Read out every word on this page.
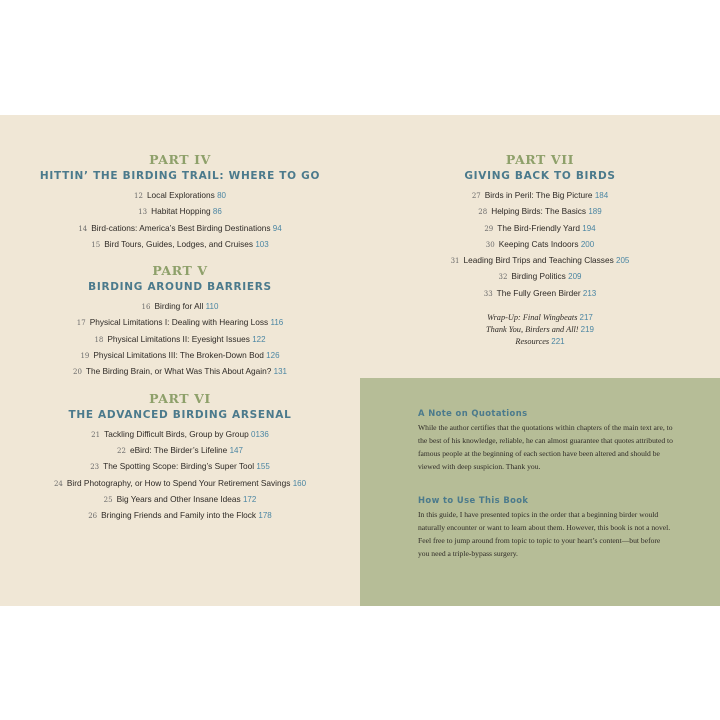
PART IV
HITTIN’ THE BIRDING TRAIL: WHERE TO GO
12 Local Explorations 80
13 Habitat Hopping 86
14 Bird-cations: America’s Best Birding Destinations 94
15 Bird Tours, Guides, Lodges, and Cruises 103
PART V
BIRDING AROUND BARRIERS
16 Birding for All 110
17 Physical Limitations I: Dealing with Hearing Loss 116
18 Physical Limitations II: Eyesight Issues 122
19 Physical Limitations III: The Broken-Down Bod 126
20 The Birding Brain, or What Was This About Again? 131
PART VI
THE ADVANCED BIRDING ARSENAL
21 Tackling Difficult Birds, Group by Group 0136
22 eBird: The Birder’s Lifeline 147
23 The Spotting Scope: Birding’s Super Tool 155
24 Bird Photography, or How to Spend Your Retirement Savings 160
25 Big Years and Other Insane Ideas 172
26 Bringing Friends and Family into the Flock 178
PART VII
GIVING BACK TO BIRDS
27 Birds in Peril: The Big Picture 184
28 Helping Birds: The Basics 189
29 The Bird-Friendly Yard 194
30 Keeping Cats Indoors 200
31 Leading Bird Trips and Teaching Classes 205
32 Birding Politics 209
33 The Fully Green Birder 213
Wrap-Up: Final Wingbeats 217
Thank You, Birders and All! 219
Resources 221
A Note on Quotations
While the author certifies that the quotations within chapters of the main text are, to the best of his knowledge, reliable, he can almost guarantee that quotes attributed to famous people at the beginning of each section have been altered and should be viewed with deep suspicion. Thank you.
How to Use This Book
In this guide, I have presented topics in the order that a beginning birder would naturally encounter or want to learn about them. However, this book is not a novel. Feel free to jump around from topic to topic to your heart’s content—but before you need a triple-bypass surgery.
